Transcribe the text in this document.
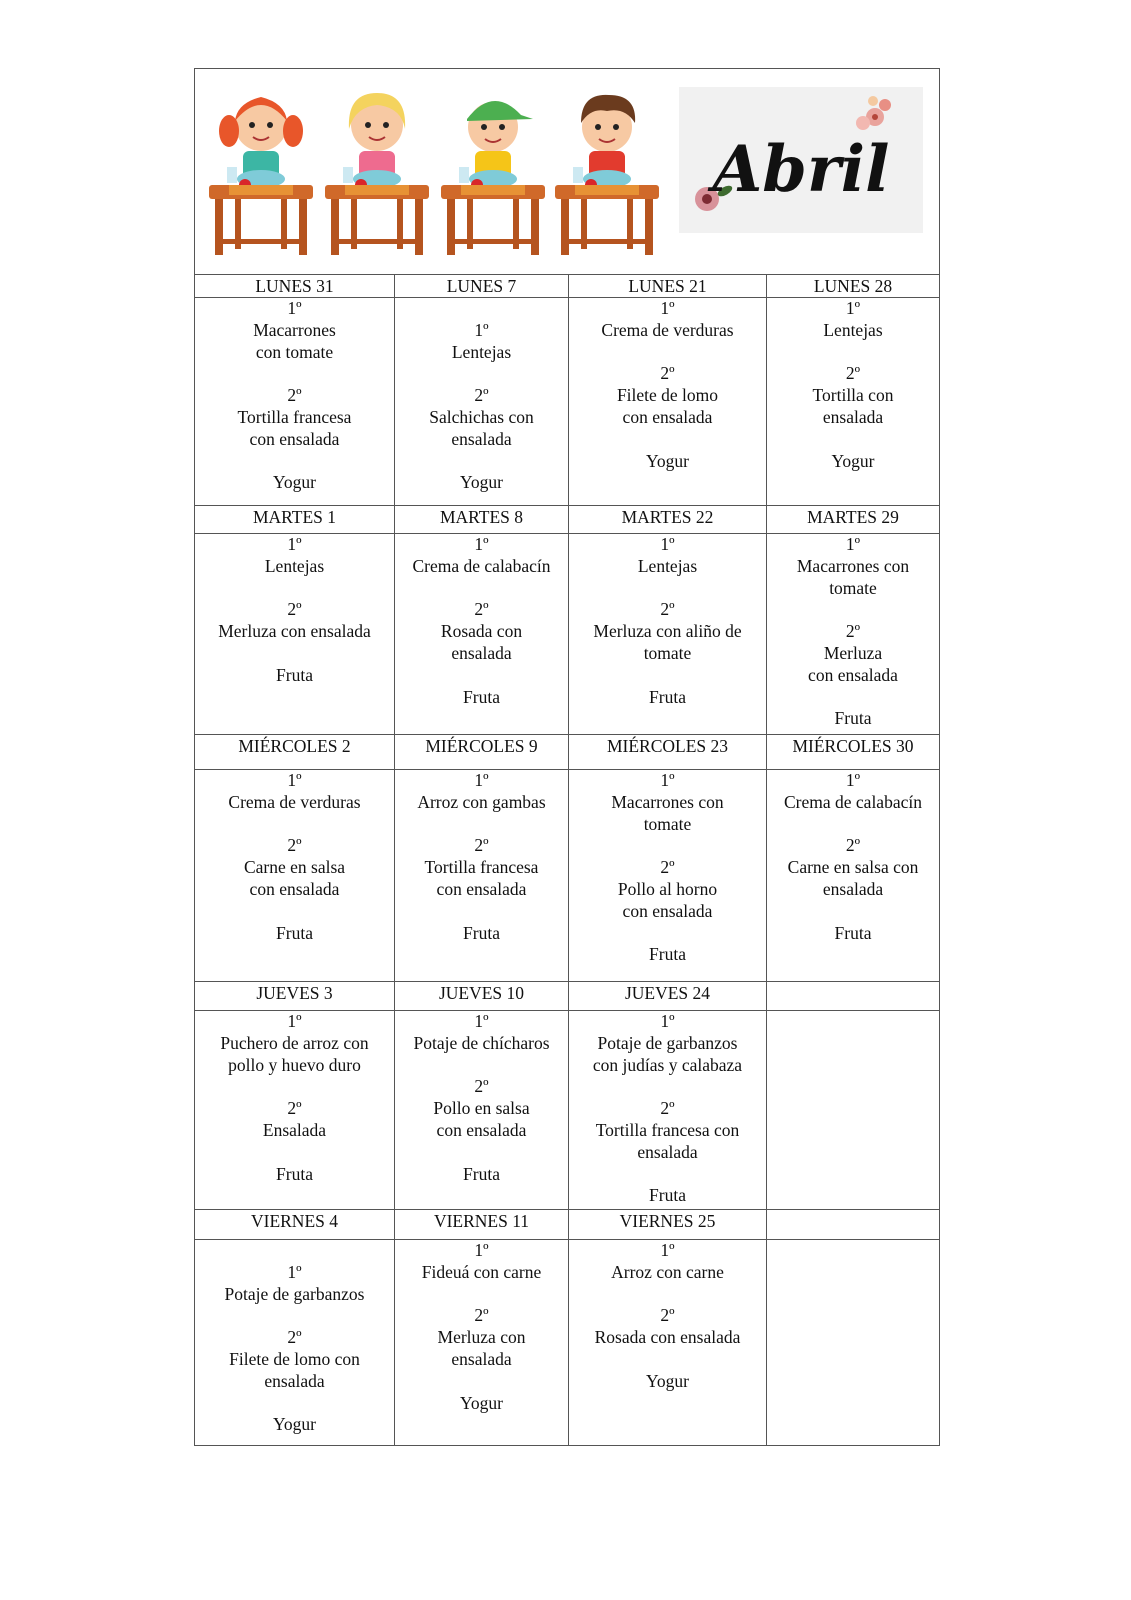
Abril
LUNES 31	LUNES 7	LUNES 21	LUNES 28
1º
Macarrones
con tomate
2º
Tortilla francesa
con ensalada
Yogur
1º
Lentejas
2º
Salchichas con
ensalada
Yogur
1º
Crema de verduras
2º
Filete de lomo
con ensalada
Yogur
1º
Lentejas
2º
Tortilla con
ensalada
Yogur
MARTES 1	MARTES 8	MARTES 22	MARTES 29
1º
Lentejas
2º
Merluza con ensalada
Fruta
1º
Crema de calabacín
2º
Rosada con
ensalada
Fruta
1º
Lentejas
2º
Merluza con aliño de
tomate
Fruta
1º
Macarrones con
tomate
2º
Merluza
con ensalada
Fruta
MIÉRCOLES 2	MIÉRCOLES 9	MIÉRCOLES 23	MIÉRCOLES 30
1º
Crema de verduras
2º
Carne en salsa
con ensalada
Fruta
1º
Arroz con gambas
2º
Tortilla francesa
con ensalada
Fruta
1º
Macarrones con
tomate
2º
Pollo al horno
con ensalada
Fruta
1º
Crema de calabacín
2º
Carne en salsa con
ensalada
Fruta
JUEVES 3	JUEVES 10	JUEVES 24
1º
Puchero de arroz con
pollo y huevo duro
2º
Ensalada
Fruta
1º
Potaje de chícharos
2º
Pollo en salsa
con ensalada
Fruta
1º
Potaje de garbanzos
con judías y calabaza
2º
Tortilla francesa con
ensalada
Fruta
VIERNES 4	VIERNES 11	VIERNES 25
1º
Potaje de garbanzos
2º
Filete de lomo con
ensalada
Yogur
1º
Fideuá con carne
2º
Merluza con
ensalada
Yogur
1º
Arroz con carne
2º
Rosada con ensalada
Yogur
